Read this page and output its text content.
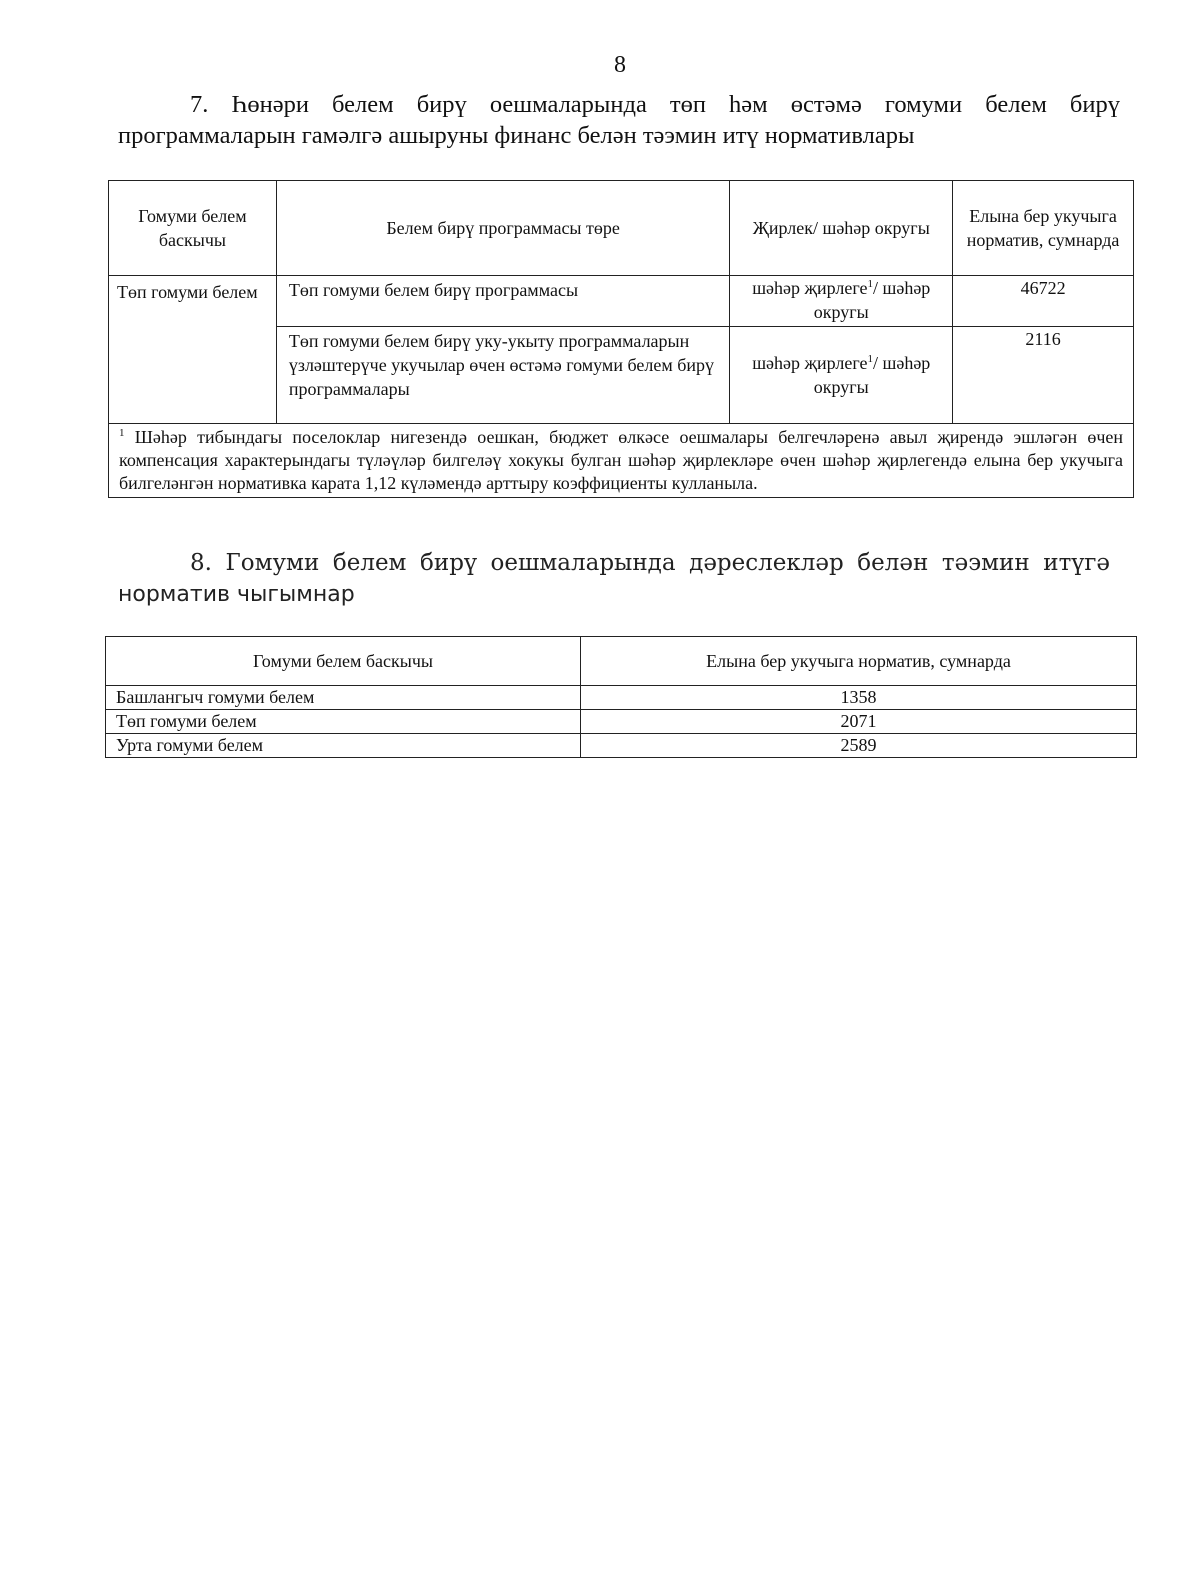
8
7. Һөнәри белем бирү оешмаларында төп һәм өстәмә гомуми белем бирү
программаларын гамәлгә ашыруны финанс белән тәэмин итү нормативлары
Гомуми белем баскычы	Белем бирү программасы төре	Җирлек/ шәһәр округы	Елына бер укучыга норматив, сумнарда
Төп гомуми белем	Төп гомуми белем бирү программасы	шәһәр җирлеге$^1$/ шәһәр округы	46722
	Төп гомуми белем бирү уку-укыту программаларын үзләштерүче укучылар өчен өстәмә гомуми белем бирү программалары	шәһәр җирлеге$^1$/ шәһәр округы	2116
$^1$ Шәһәр тибындагы поселоклар нигезендә оешкан, бюджет өлкәсе оешмалары белгечләренә авыл җирендә эшләгән өчен компенсация характерындагы түләүләр билгеләү хокукы булган шәһәр җирлекләре өчен шәһәр җирлегендә елына бер укучыга билгеләнгән нормативка карата 1,12 күләмендә арттыру коэффициенты кулланыла.			
8. Гомуми белем бирү оешмаларында дәреслекләр белән тәэмин итүгә
норматив чыгымнар
Гомуми белем баскычы	Елына бер укучыга норматив, сумнарда
Башлангыч гомуми белем	1358
Төп гомуми белем	2071
Урта гомуми белем	2589
